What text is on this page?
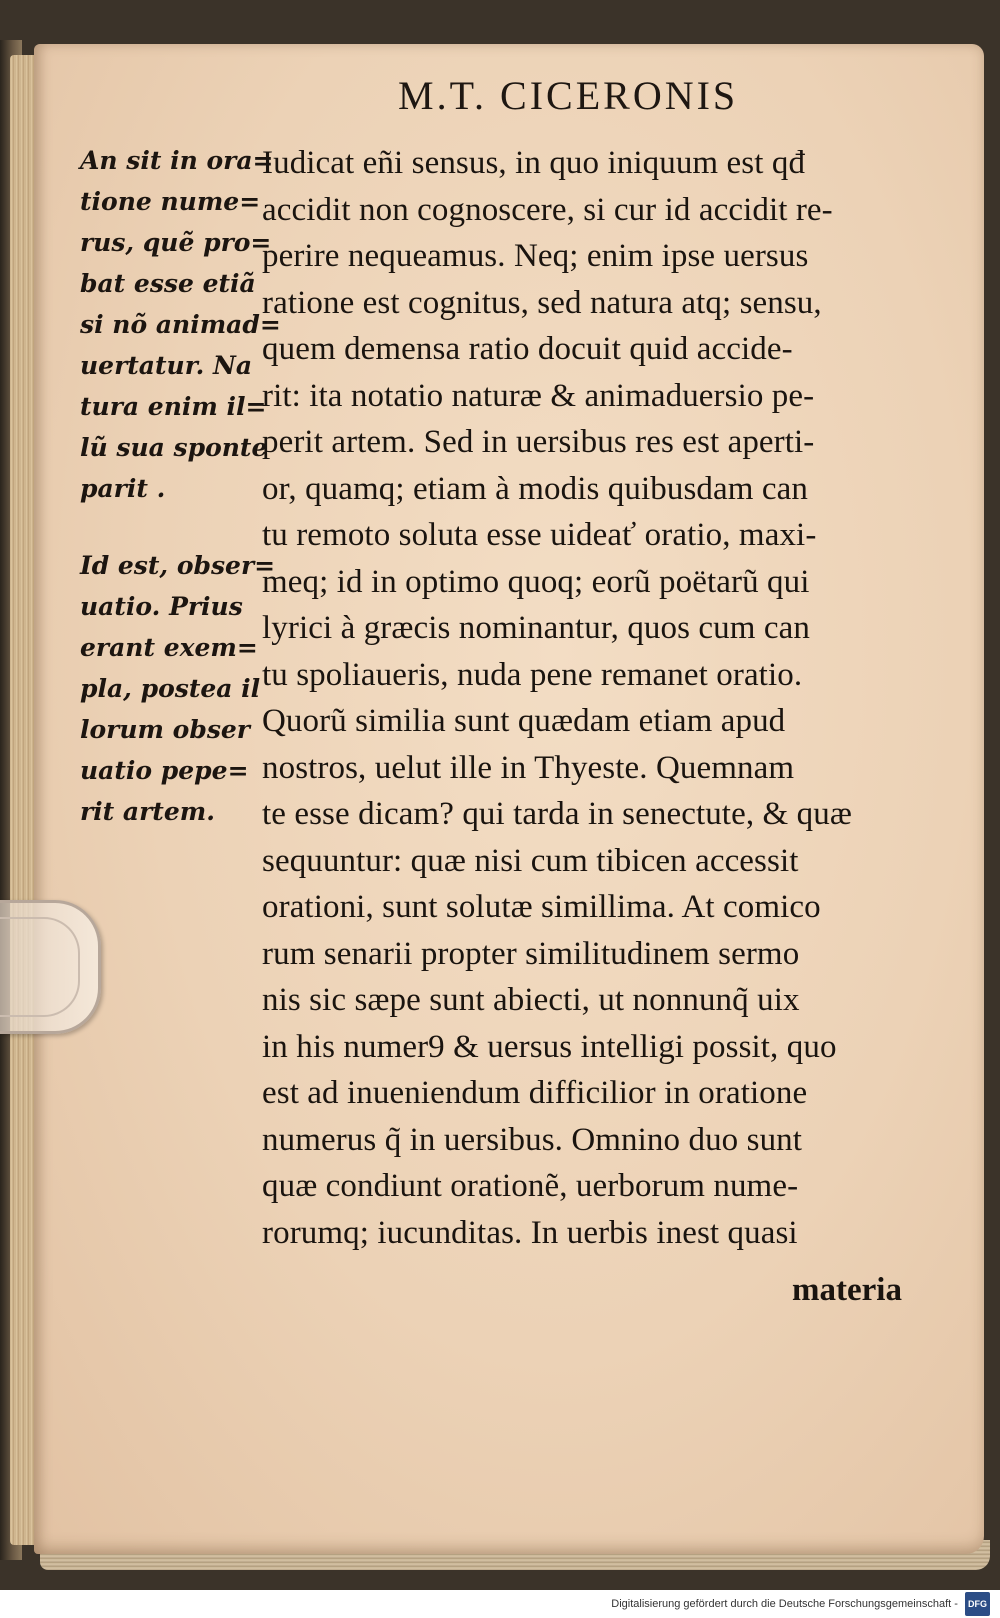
M.T. CICERONIS
An sit in ora=
tione nume=
rus, quẽ pro=
bat esse etiã
si nõ animad=
uertatur. Na
tura enim il=
lũ sua sponte
parit .
Id est, obser=
uatio. Prius
erant exem=
pla, postea il
lorum obser
uatio pepe=
rit artem.
Iudicat eñi sensus, in quo iniquum est qđ
accidit non cognoscere, si cur id accidit re-
perire nequeamus. Neq; enim ipse uersus
ratione est cognitus, sed natura atq; sensu,
quem demensa ratio docuit quid accide-
rit: ita notatio naturæ & animaduersio pe-
perit artem. Sed in uersibus res est aperti-
or, quamq; etiam à modis quibusdam can
tu remoto soluta esse uideať oratio, maxi-
meq; id in optimo quoq; eorũ poëtarũ qui
lyrici à græcis nominantur, quos cum can
tu spoliaueris, nuda pene remanet oratio.
Quorũ similia sunt quædam etiam apud
nostros, uelut ille in Thyeste. Quemnam
te esse dicam? qui tarda in senectute, & quæ
sequuntur: quæ nisi cum tibicen accessit
orationi, sunt solutæ simillima. At comico
rum senarii propter similitudinem sermo
nis sic sæpe sunt abiecti, ut nonnunq̃ uix
in his numer9 & uersus intelligi possit, quo
est ad inueniendum difficilior in oratione
numerus q̃ in uersibus. Omnino duo sunt
quæ condiunt orationẽ, uerborum nume-
rorumq; iucunditas. In uerbis inest quasi
materia
Digitalisierung gefördert durch die Deutsche Forschungsgemeinschaft - DFG
